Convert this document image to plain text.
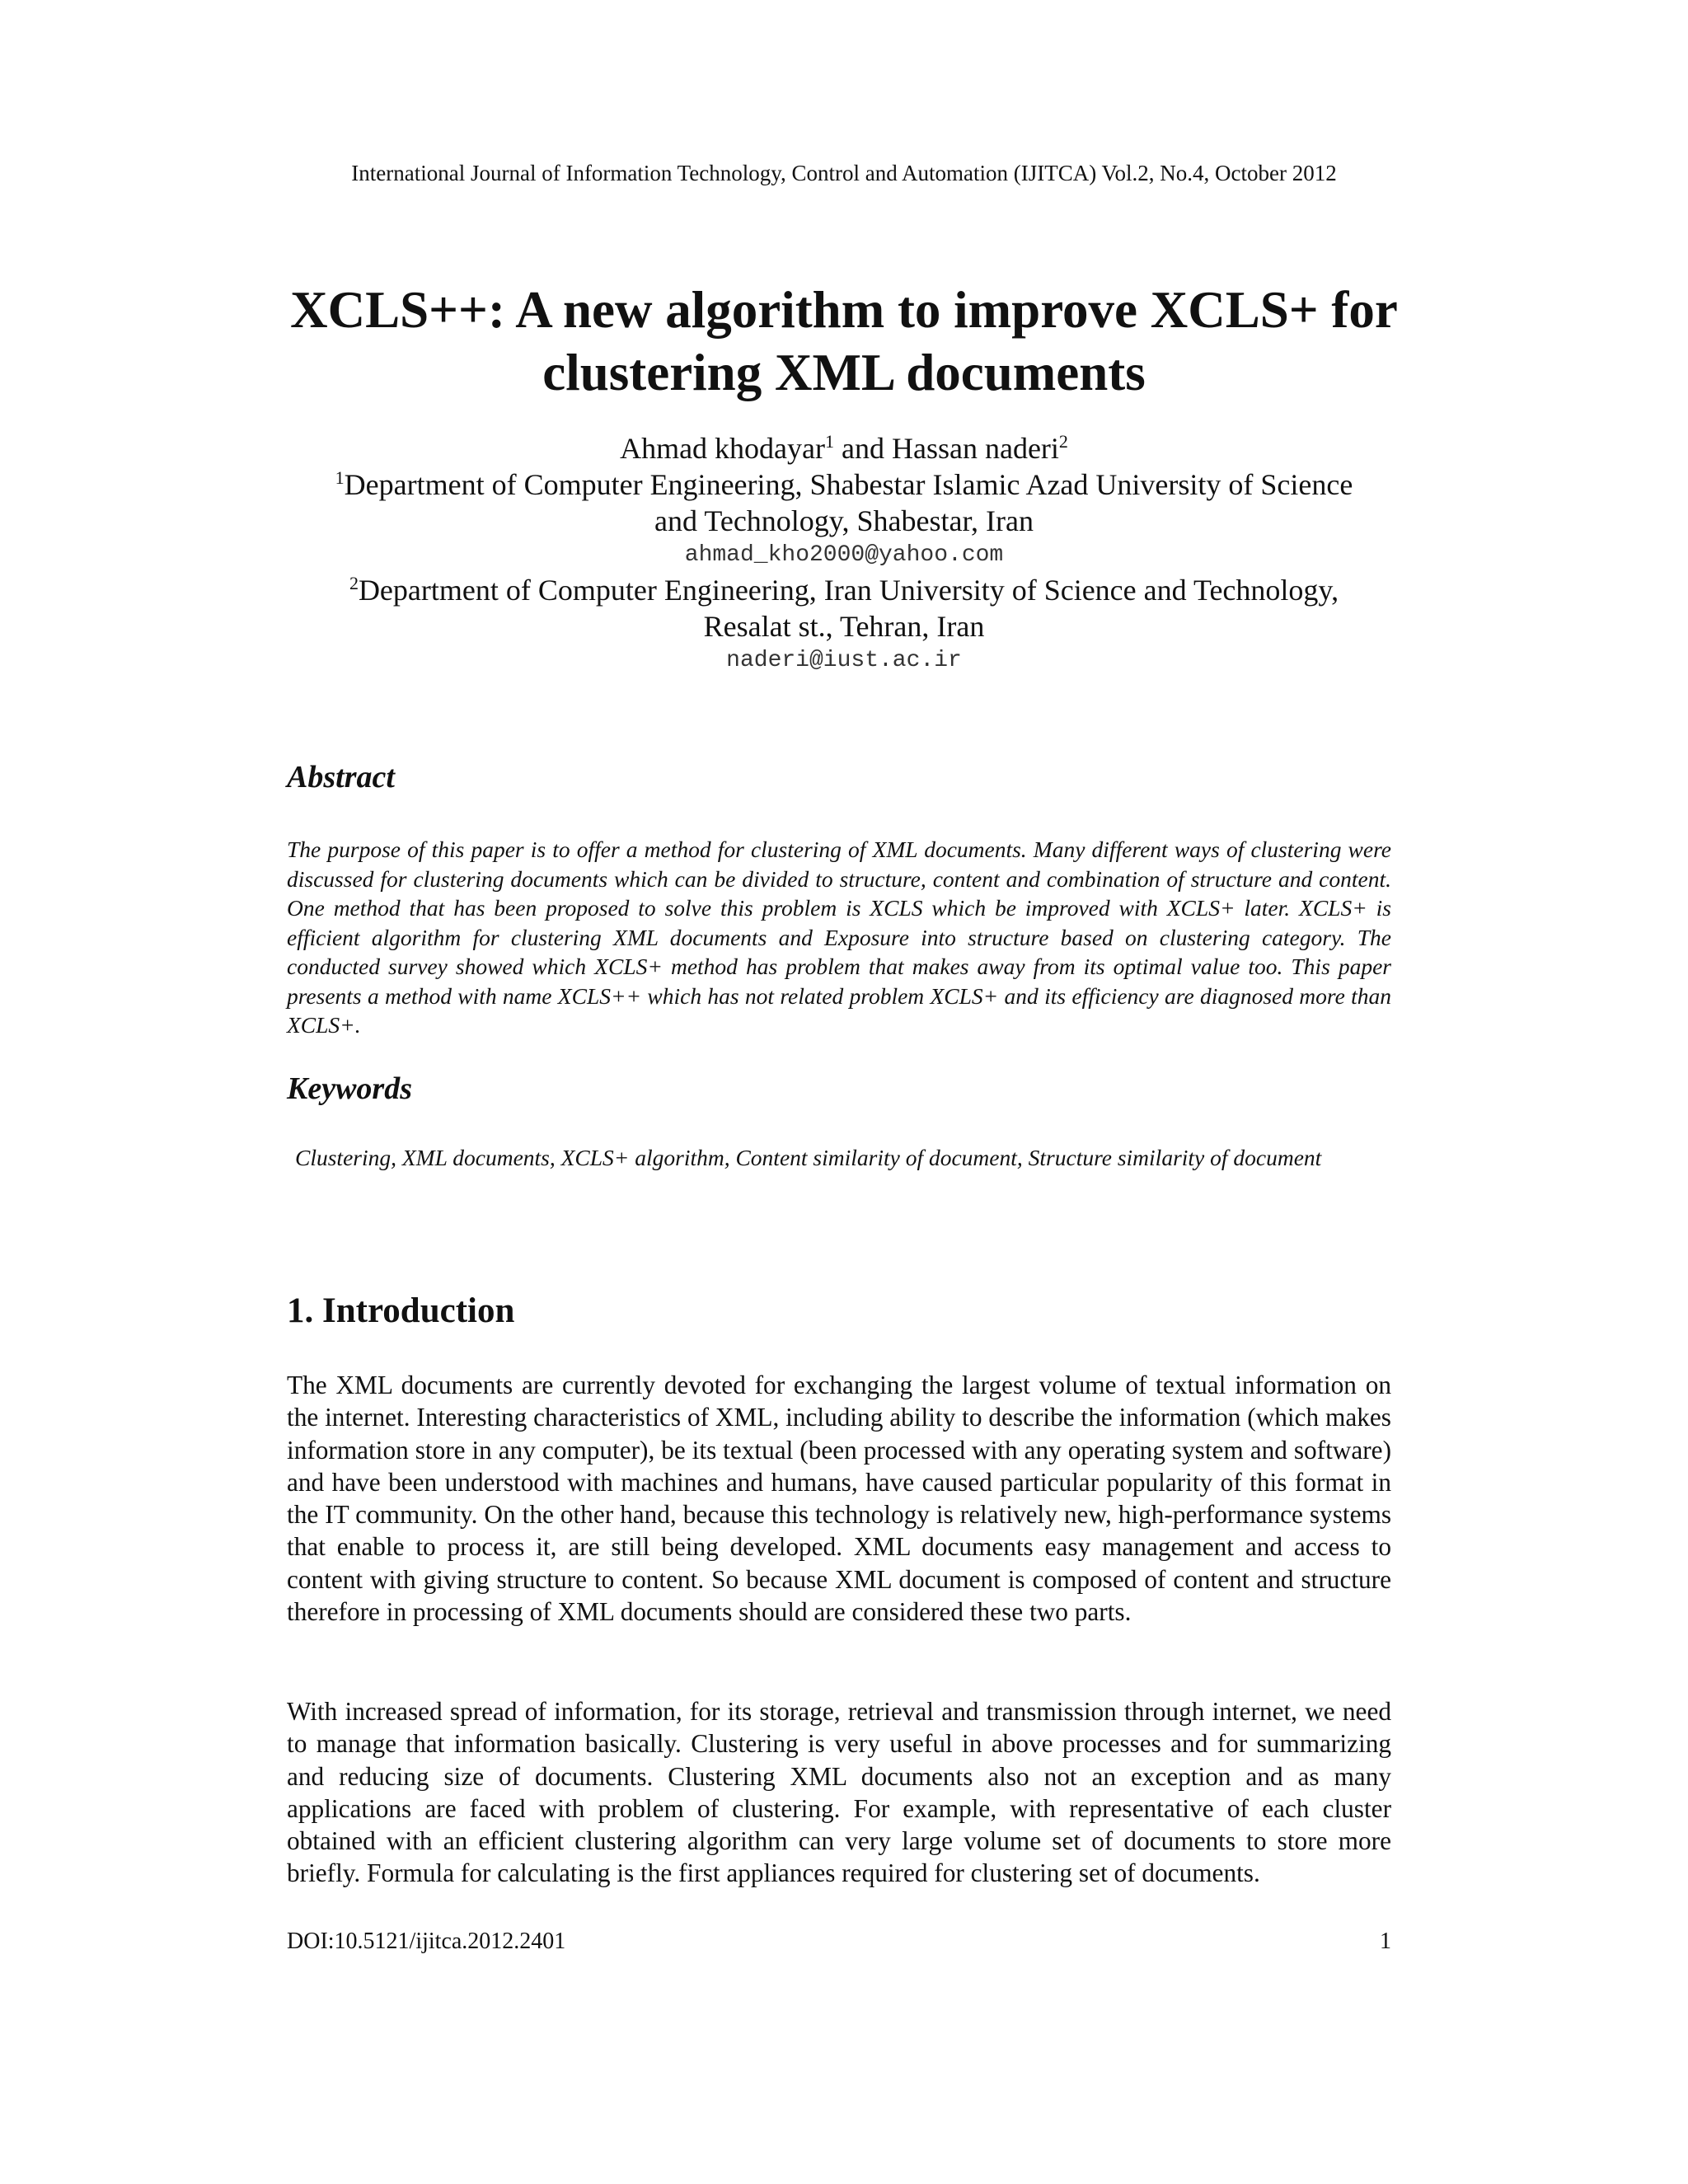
International Journal of Information Technology, Control and Automation (IJITCA) Vol.2, No.4, October 2012
XCLS++: A new algorithm to improve XCLS+ for
clustering XML documents
Ahmad khodayar$^1$ and Hassan naderi$^2$
$^1$Department of Computer Engineering, Shabestar Islamic Azad University of Science
and Technology, Shabestar, Iran
ahmad_kho2000@yahoo.com
$^2$Department of Computer Engineering, Iran University of Science and Technology,
Resalat st., Tehran, Iran
naderi@iust.ac.ir
Abstract
The purpose of this paper is to offer a method for clustering of XML documents. Many different ways of clustering were discussed for clustering documents which can be divided to structure, content and combination of structure and content. One method that has been proposed to solve this problem is XCLS which be improved with XCLS+ later. XCLS+ is efficient algorithm for clustering XML documents and Exposure into structure based on clustering category. The conducted survey showed which XCLS+ method has problem that makes away from its optimal value too. This paper presents a method with name XCLS++ which has not related problem XCLS+ and its efficiency are diagnosed more than XCLS+.
Keywords
Clustering, XML documents, XCLS+ algorithm, Content similarity of document, Structure similarity of document
1. Introduction
The XML documents are currently devoted for exchanging the largest volume of textual information on the internet. Interesting characteristics of XML, including ability to describe the information (which makes information store in any computer), be its textual (been processed with any operating system and software) and have been understood with machines and humans, have caused particular popularity of this format in the IT community. On the other hand, because this technology is relatively new, high-performance systems that enable to process it, are still being developed. XML documents easy management and access to content with giving structure to content. So because XML document is composed of content and structure therefore in processing of XML documents should are considered these two parts.
With increased spread of information, for its storage, retrieval and transmission through internet, we need to manage that information basically. Clustering is very useful in above processes and for summarizing and reducing size of documents. Clustering XML documents also not an exception and as many applications are faced with problem of clustering. For example, with representative of each cluster obtained with an efficient clustering algorithm can very large volume set of documents to store more briefly. Formula for calculating is the first appliances required for clustering set of documents.
DOI:10.5121/ijitca.2012.2401	1
